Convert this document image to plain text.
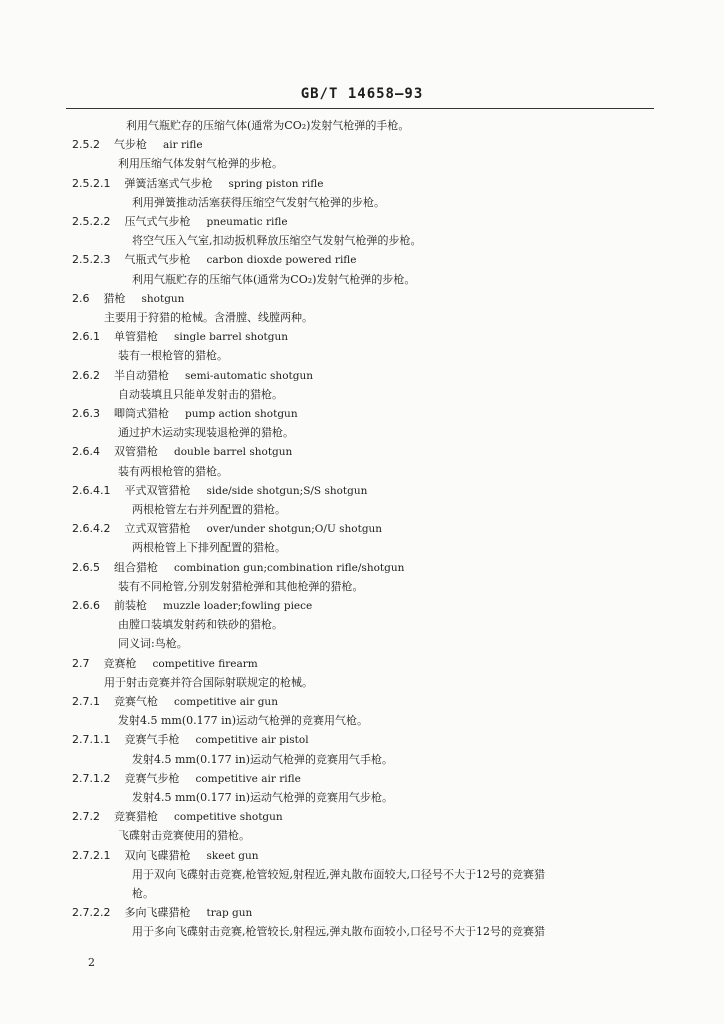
GB/T 14658—93
利用气瓶贮存的压缩气体(通常为CO₂)发射气枪弹的手枪。
2.5.2 气步枪 air rifle
利用压缩气体发射气枪弹的步枪。
2.5.2.1 弹簧活塞式气步枪 spring piston rifle
利用弹簧推动活塞获得压缩空气发射气枪弹的步枪。
2.5.2.2 压气式气步枪 pneumatic rifle
将空气压入气室,扣动扳机释放压缩空气发射气枪弹的步枪。
2.5.2.3 气瓶式气步枪 carbon dioxde powered rifle
利用气瓶贮存的压缩气体(通常为CO₂)发射气枪弹的步枪。
2.6 猎枪 shotgun
主要用于狩猎的枪械。含滑膛、线膛两种。
2.6.1 单管猎枪 single barrel shotgun
装有一根枪管的猎枪。
2.6.2 半自动猎枪 semi-automatic shotgun
自动装填且只能单发射击的猎枪。
2.6.3 唧筒式猎枪 pump action shotgun
通过护木运动实现装退枪弹的猎枪。
2.6.4 双管猎枪 double barrel shotgun
装有两根枪管的猎枪。
2.6.4.1 平式双管猎枪 side/side shotgun;S/S shotgun
两根枪管左右并列配置的猎枪。
2.6.4.2 立式双管猎枪 over/under shotgun;O/U shotgun
两根枪管上下排列配置的猎枪。
2.6.5 组合猎枪 combination gun;combination rifle/shotgun
装有不同枪管,分别发射猎枪弹和其他枪弹的猎枪。
2.6.6 前装枪 muzzle loader;fowling piece
由膛口装填发射药和铁砂的猎枪。
同义词:鸟枪。
2.7 竞赛枪 competitive firearm
用于射击竞赛并符合国际射联规定的枪械。
2.7.1 竞赛气枪 competitive air gun
发射4.5 mm(0.177 in)运动气枪弹的竞赛用气枪。
2.7.1.1 竞赛气手枪 competitive air pistol
发射4.5 mm(0.177 in)运动气枪弹的竞赛用气手枪。
2.7.1.2 竞赛气步枪 competitive air rifle
发射4.5 mm(0.177 in)运动气枪弹的竞赛用气步枪。
2.7.2 竞赛猎枪 competitive shotgun
飞碟射击竞赛使用的猎枪。
2.7.2.1 双向飞碟猎枪 skeet gun
用于双向飞碟射击竞赛,枪管较短,射程近,弹丸散布面较大,口径号不大于12号的竞赛猎
枪。
2.7.2.2 多向飞碟猎枪 trap gun
用于多向飞碟射击竞赛,枪管较长,射程远,弹丸散布面较小,口径号不大于12号的竞赛猎
2
